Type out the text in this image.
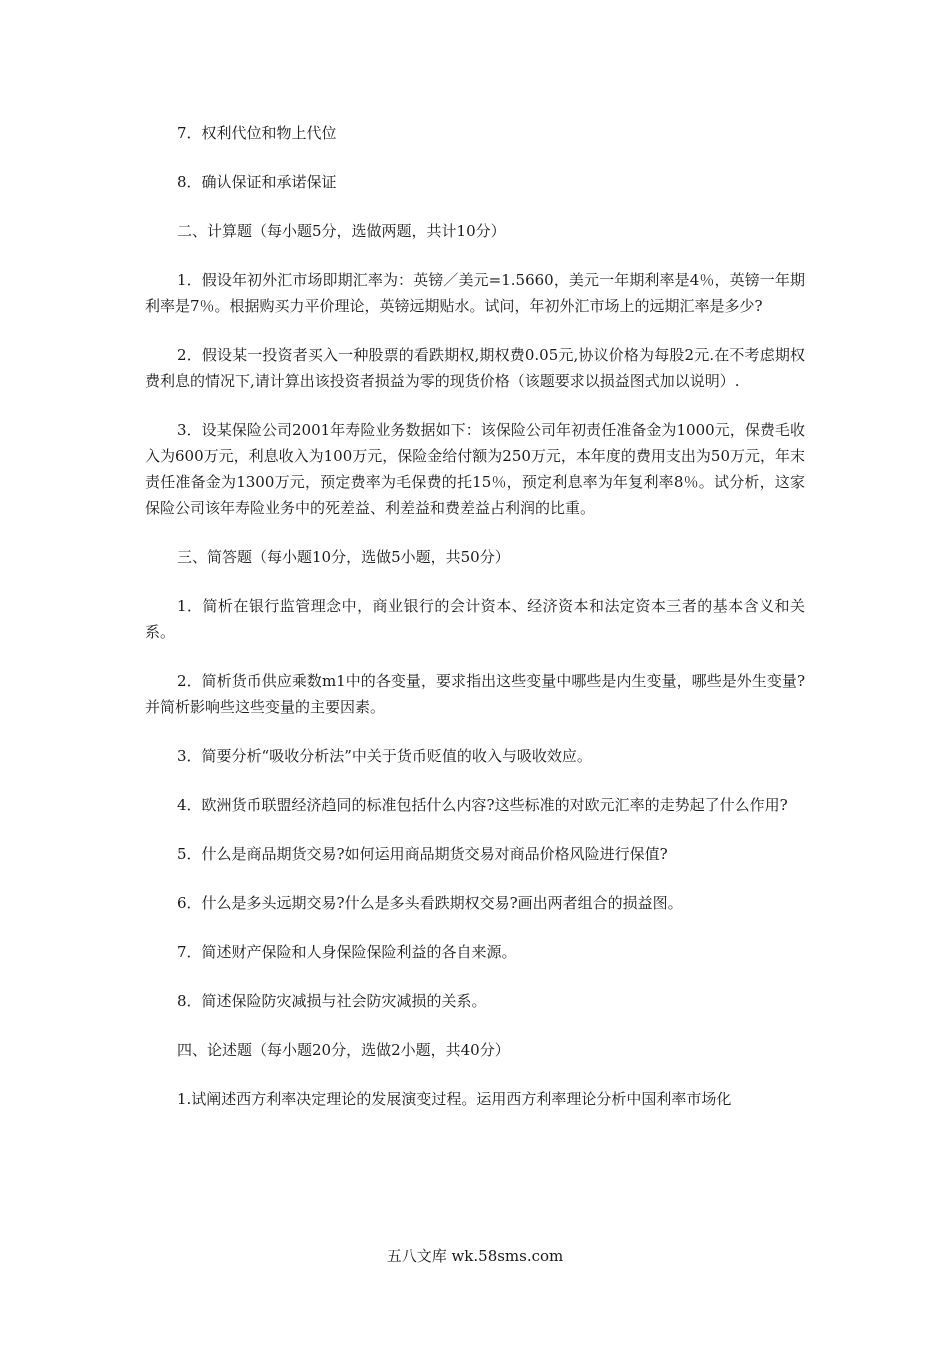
7．权利代位和物上代位

8．确认保证和承诺保证

二、计算题（每小题5分，选做两题，共计10分）

1．假设年初外汇市场即期汇率为：英镑／美元=1.5660，美元一年期利率是4％，英镑一年期利率是7％。根据购买力平价理论，英镑远期贴水。试问，年初外汇市场上的远期汇率是多少?

2．假设某一投资者买入一种股票的看跌期权,期权费0.05元,协议价格为每股2元.在不考虑期权费利息的情况下,请计算出该投资者损益为零的现货价格（该题要求以损益图式加以说明）.

3．设某保险公司2001年寿险业务数据如下：该保险公司年初责任准备金为1000元，保费毛收入为600万元，利息收入为100万元，保险金给付额为250万元，本年度的费用支出为50万元，年末责任准备金为1300万元，预定费率为毛保费的托15％，预定利息率为年复利率8％。试分析，这家保险公司该年寿险业务中的死差益、利差益和费差益占利润的比重。

三、简答题（每小题10分，选做5小题，共50分）

1．简析在银行监管理念中，商业银行的会计资本、经济资本和法定资本三者的基本含义和关系。

2．简析货币供应乘数m1中的各变量，要求指出这些变量中哪些是内生变量，哪些是外生变量?并简析影响些这些变量的主要因素。

3．简要分析“吸收分析法”中关于货币贬值的收入与吸收效应。

4．欧洲货币联盟经济趋同的标准包括什么内容?这些标准的对欧元汇率的走势起了什么作用?

5．什么是商品期货交易?如何运用商品期货交易对商品价格风险进行保值?

6．什么是多头远期交易?什么是多头看跌期权交易?画出两者组合的损益图。

7．简述财产保险和人身保险保险利益的各自来源。

8．简述保险防灾减损与社会防灾减损的关系。

四、论述题（每小题20分，选做2小题，共40分）

1.试阐述西方利率决定理论的发展演变过程。运用西方利率理论分析中国利率市场化

五八文库 wk.58sms.com
